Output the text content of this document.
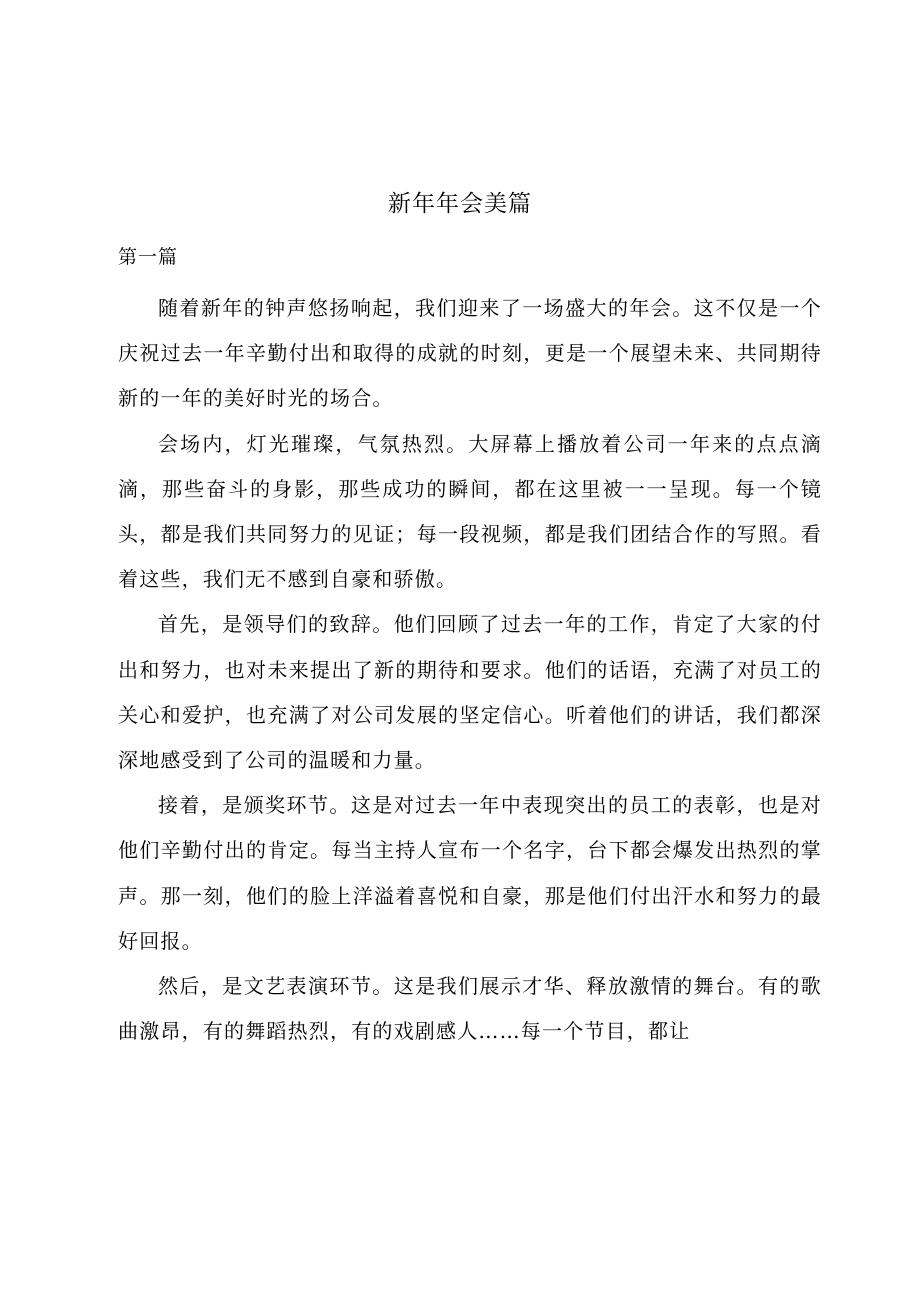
新年年会美篇

第一篇

随着新年的钟声悠扬响起，我们迎来了一场盛大的年会。这不仅是一个庆祝过去一年辛勤付出和取得的成就的时刻，更是一个展望未来、共同期待新的一年的美好时光的场合。

会场内，灯光璀璨，气氛热烈。大屏幕上播放着公司一年来的点点滴滴，那些奋斗的身影，那些成功的瞬间，都在这里被一一呈现。每一个镜头，都是我们共同努力的见证；每一段视频，都是我们团结合作的写照。看着这些，我们无不感到自豪和骄傲。

首先，是领导们的致辞。他们回顾了过去一年的工作，肯定了大家的付出和努力，也对未来提出了新的期待和要求。他们的话语，充满了对员工的关心和爱护，也充满了对公司发展的坚定信心。听着他们的讲话，我们都深深地感受到了公司的温暖和力量。

接着，是颁奖环节。这是对过去一年中表现突出的员工的表彰，也是对他们辛勤付出的肯定。每当主持人宣布一个名字，台下都会爆发出热烈的掌声。那一刻，他们的脸上洋溢着喜悦和自豪，那是他们付出汗水和努力的最好回报。

然后，是文艺表演环节。这是我们展示才华、释放激情的舞台。有的歌曲激昂，有的舞蹈热烈，有的戏剧感人……每一个节目，都让
